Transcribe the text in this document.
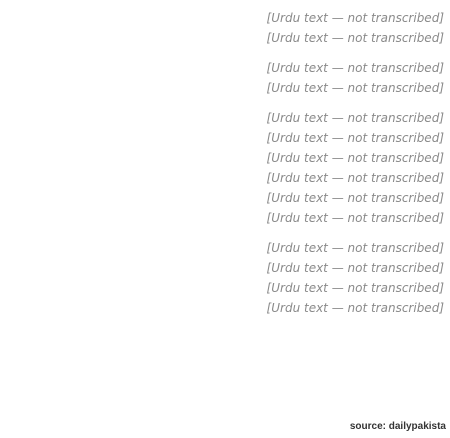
[Urdu text — not transcribed]
[Urdu text — not transcribed]
[Urdu text — not transcribed]
[Urdu text — not transcribed]
[Urdu text — not transcribed]
[Urdu text — not transcribed]
[Urdu text — not transcribed]
[Urdu text — not transcribed]
[Urdu text — not transcribed]
[Urdu text — not transcribed]
[Urdu text — not transcribed]
[Urdu text — not transcribed]
[Urdu text — not transcribed]
[Urdu text — not transcribed]
source: dailypakista
